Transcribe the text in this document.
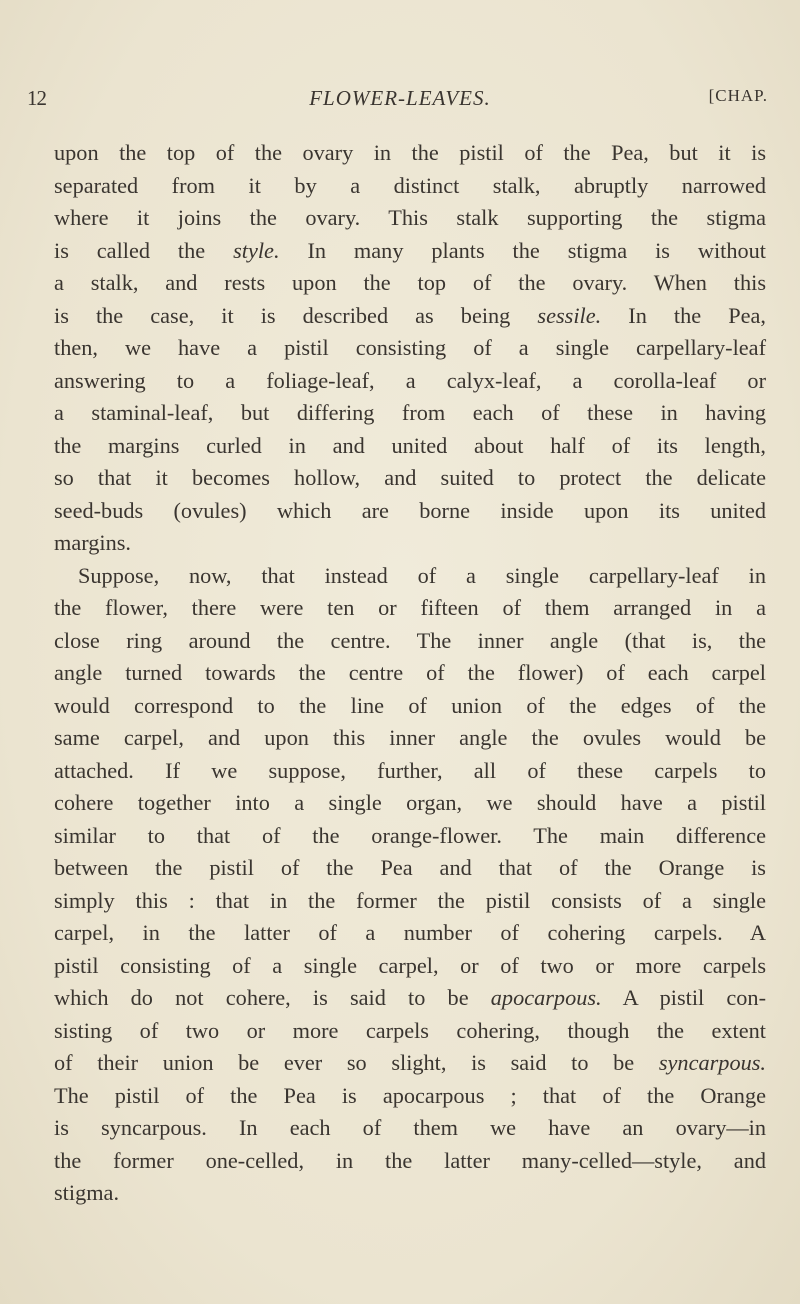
12	FLOWER-LEAVES.	[CHAP.
upon the top of the ovary in the pistil of the Pea, but it is
separated from it by a distinct stalk, abruptly narrowed
where it joins the ovary. This stalk supporting the stigma
is called the style. In many plants the stigma is without
a stalk, and rests upon the top of the ovary. When this
is the case, it is described as being sessile. In the Pea,
then, we have a pistil consisting of a single carpellary-leaf
answering to a foliage-leaf, a calyx-leaf, a corolla-leaf or
a staminal-leaf, but differing from each of these in having
the margins curled in and united about half of its length,
so that it becomes hollow, and suited to protect the delicate
seed-buds (ovules) which are borne inside upon its united
margins.
Suppose, now, that instead of a single carpellary-leaf in
the flower, there were ten or fifteen of them arranged in a
close ring around the centre. The inner angle (that is, the
angle turned towards the centre of the flower) of each carpel
would correspond to the line of union of the edges of the
same carpel, and upon this inner angle the ovules would be
attached. If we suppose, further, all of these carpels to
cohere together into a single organ, we should have a pistil
similar to that of the orange-flower. The main difference
between the pistil of the Pea and that of the Orange is
simply this : that in the former the pistil consists of a single
carpel, in the latter of a number of cohering carpels. A
pistil consisting of a single carpel, or of two or more carpels
which do not cohere, is said to be apocarpous. A pistil con-
sisting of two or more carpels cohering, though the extent
of their union be ever so slight, is said to be syncarpous.
The pistil of the Pea is apocarpous ; that of the Orange
is syncarpous. In each of them we have an ovary—in
the former one-celled, in the latter many-celled—style, and
stigma.
